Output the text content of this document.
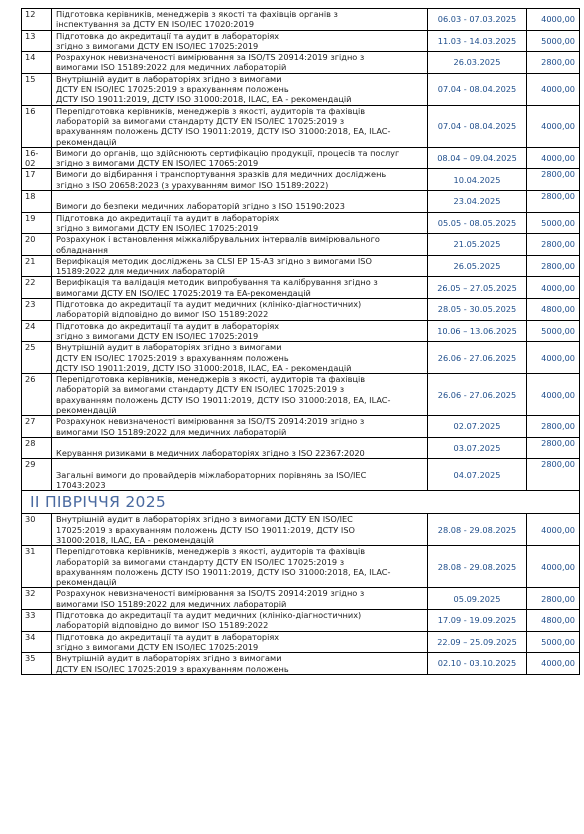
12	Підготовка керівників, менеджерів з якості та фахівців органів з
інспектування за ДСТУ EN ISO/IEC 17020:2019	06.03 - 07.03.2025	4000,00
13	Підготовка до акредитації та аудит в лабораторіях
згідно з вимогами ДСТУ EN ISO/IEC 17025:2019	11.03 - 14.03.2025	5000,00
14	Розрахунок невизначеності вимірювання за ISO/TS 20914:2019 згідно з
вимогами ISO 15189:2022 для медичних лабораторій	26.03.2025	2800,00
15	Внутрішній аудит в лабораторіях згідно з вимогами
ДСТУ EN ISO/IEC 17025:2019 з врахуванням положень
ДСТУ ISO 19011:2019, ДСТУ ISO 31000:2018, ILAC, EA - рекомендацій	07.04 - 08.04.2025	4000,00
16	Перепідготовка керівників, менеджерів з якості, аудиторів та фахівців
лабораторій за вимогами стандарту ДСТУ EN ISO/IEC 17025:2019 з
врахуванням положень ДСТУ ISO 19011:2019, ДСТУ ISO 31000:2018, EA, ILAC-
рекомендацій	07.04 - 08.04.2025	4000,00
16-
02	Вимоги до органів, що здійснюють сертифікацію продукції, процесів та послуг
згідно з вимогами ДСТУ EN ISO/IEC 17065:2019	08.04 – 09.04.2025	4000,00
17	Вимоги до відбирання і транспортування зразків для медичних досліджень
згідно з ISO 20658:2023 (з урахуванням вимог ISO 15189:2022)	10.04.2025	2800,00
18	
Вимоги до безпеки медичних лабораторій згідно з ISO 15190:2023	23.04.2025	2800,00
19	Підготовка до акредитації та аудит в лабораторіях
згідно з вимогами ДСТУ EN ISO/IEC 17025:2019	05.05 - 08.05.2025	5000,00
20	Розрахунок і встановлення міжкалібрувальних інтервалів вимірювального
обладнання	21.05.2025	2800,00
21	Верифікація методик досліджень за CLSI EP 15-A3 згідно з вимогами ISO
15189:2022 для медичних лабораторій	26.05.2025	2800,00
22	Верифікація та валідація методик випробування та калібрування згідно з
вимогами ДСТУ EN ISO/IEC 17025:2019 та EA-рекомендацій	26.05 – 27.05.2025	4000,00
23	Підготовка до акредитації та аудит медичних (клініко-діагностичних)
лабораторій відповідно до вимог ISO 15189:2022	28.05 - 30.05.2025	4800,00
24	Підготовка до акредитації та аудит в лабораторіях
згідно з вимогами ДСТУ EN ISO/IEC 17025:2019	10.06 – 13.06.2025	5000,00
25	Внутрішній аудит в лабораторіях згідно з вимогами
ДСТУ EN ISO/IEC 17025:2019 з врахуванням положень
ДСТУ ISO 19011:2019, ДСТУ ISO 31000:2018, ILAC, EA - рекомендацій	26.06 - 27.06.2025	4000,00
26	Перепідготовка керівників, менеджерів з якості, аудиторів та фахівців
лабораторій за вимогами стандарту ДСТУ EN ISO/IEC 17025:2019 з
врахуванням положень ДСТУ ISO 19011:2019, ДСТУ ISO 31000:2018, EA, ILAC-
рекомендацій	26.06 - 27.06.2025	4000,00
27	Розрахунок невизначеності вимірювання за ISO/TS 20914:2019 згідно з
вимогами ISO 15189:2022 для медичних лабораторій	02.07.2025	2800,00
28	
Керування ризиками в медичних лабораторіях згідно з ISO 22367:2020	03.07.2025	2800,00
29	
Загальні вимоги до провайдерів міжлабораторних порівнянь за ISO/IEC
17043:2023	04.07.2025	2800,00
II ПІВРІЧЧЯ 2025			
30	Внутрішній аудит в лабораторіях згідно з вимогами ДСТУ EN ISO/IEC
17025:2019 з врахуванням положень ДСТУ ISO 19011:2019, ДСТУ ISO
31000:2018, ILAC, EA - рекомендацій	28.08 - 29.08.2025	4000,00
31	Перепідготовка керівників, менеджерів з якості, аудиторів та фахівців
лабораторій за вимогами стандарту ДСТУ EN ISO/IEC 17025:2019 з
врахуванням положень ДСТУ ISO 19011:2019, ДСТУ ISO 31000:2018, EA, ILAC-
рекомендацій	28.08 - 29.08.2025	4000,00
32	Розрахунок невизначеності вимірювання за ISO/TS 20914:2019 згідно з
вимогами ISO 15189:2022 для медичних лабораторій	05.09.2025	2800,00
33	Підготовка до акредитації та аудит медичних (клініко-діагностичних)
лабораторій відповідно до вимог ISO 15189:2022	17.09 - 19.09.2025	4800,00
34	Підготовка до акредитації та аудит в лабораторіях
згідно з вимогами ДСТУ EN ISO/IEC 17025:2019	22.09 – 25.09.2025	5000,00
35	Внутрішній аудит в лабораторіях згідно з вимогами
ДСТУ EN ISO/IEC 17025:2019 з врахуванням положень	02.10 - 03.10.2025	4000,00
